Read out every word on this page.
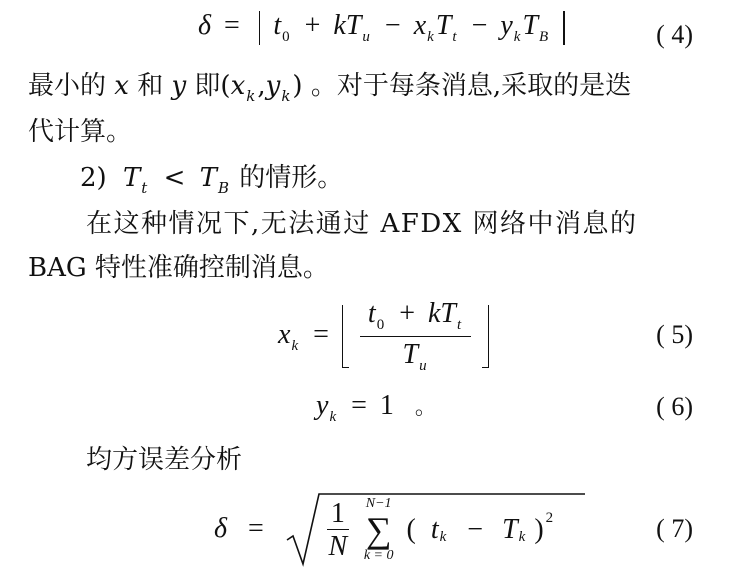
$\delta = t_0 + kT_u - x_kT_t - y_kT_B$	( 4)
最小的 x 和 y 即$(x_k,y_k)$ 。对于每条消息,采取的是迭
代计算。
2) $T_t < T_B$ 的情形。
在这种情况下,无法通过 AFDX 网络中消息的
BAG 特性准确控制消息。
$x_k = \frac{t_0 + kT_t}{T_u}$
	( 5)
$y_k = 1$ 。	( 6)
均方误差分析
$\delta = \frac{1}{N}$
N−1
∑
k = 0
( $t_k - T_k$ ) $^2$	( 7)
